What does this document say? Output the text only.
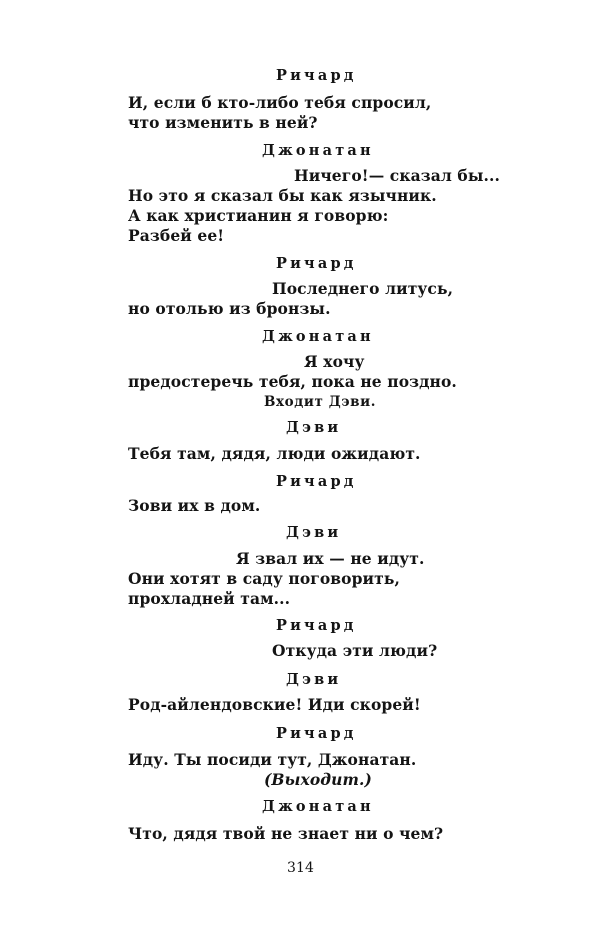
Ричард
И, если б кто-либо тебя спросил,
что изменить в ней?
Джонатан
Ничего!— сказал бы...
Но это я сказал бы как язычник.
А как христианин я говорю:
Разбей ее!
Ричард
Последнего литусь,
но отолью из бронзы.
Джонатан
Я хочу
предостеречь тебя, пока не поздно.
Входит Дэви.
Дэви
Тебя там, дядя, люди ожидают.
Ричард
Зови их в дом.
Дэви
Я звал их — не идут.
Они хотят в саду поговорить,
прохладней там...
Ричард
Откуда эти люди?
Дэви
Род-айлендовские! Иди скорей!
Ричард
Иду. Ты посиди тут, Джонатан.
(Выходит.)
Джонатан
Что, дядя твой не знает ни о чем?
314
